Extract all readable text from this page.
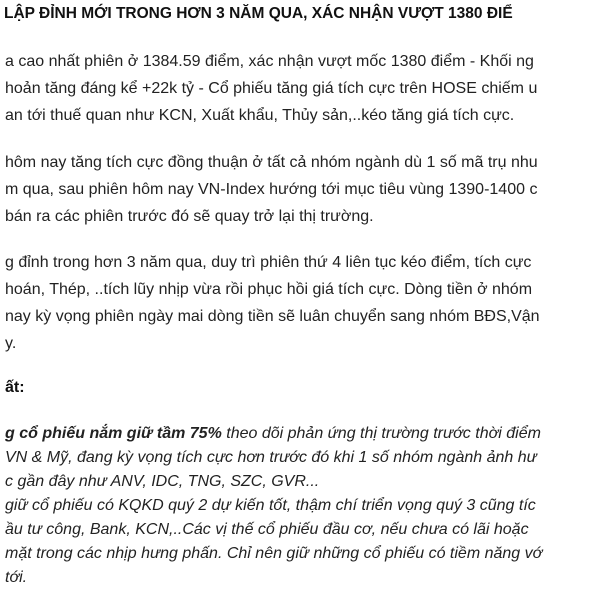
LẬP ĐỈNH MỚI TRONG HƠN 3 NĂM QUA, XÁC NHẬN VƯỢT 1380 ĐIỂ
a cao nhất phiên ở 1384.59 điểm, xác nhận vượt mốc 1380 điểm - Khối ng
hoản tăng đáng kể +22k tỷ - Cổ phiếu tăng giá tích cực trên HOSE chiếm u
an tới thuế quan như KCN, Xuất khẩu, Thủy sản,..kéo tăng giá tích cực.
hôm nay tăng tích cực đồng thuận ở tất cả nhóm ngành dù 1 số mã trụ nhu
m qua, sau phiên hôm nay VN-Index hướng tới mục tiêu vùng 1390-1400 c
bán ra các phiên trước đó sẽ quay trở lại thị trường.
g đỉnh trong hơn 3 năm qua, duy trì phiên thứ 4 liên tục kéo điểm, tích cực
hoán, Thép, ..tích lũy nhịp vừa rồi phục hồi giá tích cực. Dòng tiền ở nhóm
nay kỳ vọng phiên ngày mai dòng tiền sẽ luân chuyển sang nhóm BĐS,Vận
y.
ất:
g cổ phiếu nắm giữ tầm 75% theo dõi phản ứng thị trường trước thời điểm
VN & Mỹ, đang kỳ vọng tích cực hơn trước đó khi 1 số nhóm ngành ảnh hư
c gần đây như ANV, IDC, TNG, SZC, GVR...
giữ cổ phiếu có KQKD quý 2 dự kiến tốt, thậm chí triển vọng quý 3 cũng tíc
ầu tư công, Bank, KCN,..Các vị thế cổ phiếu đầu cơ, nếu chưa có lãi hoặc
mặt trong các nhịp hưng phấn. Chỉ nên giữ những cổ phiếu có tiềm năng vớ
tới.
